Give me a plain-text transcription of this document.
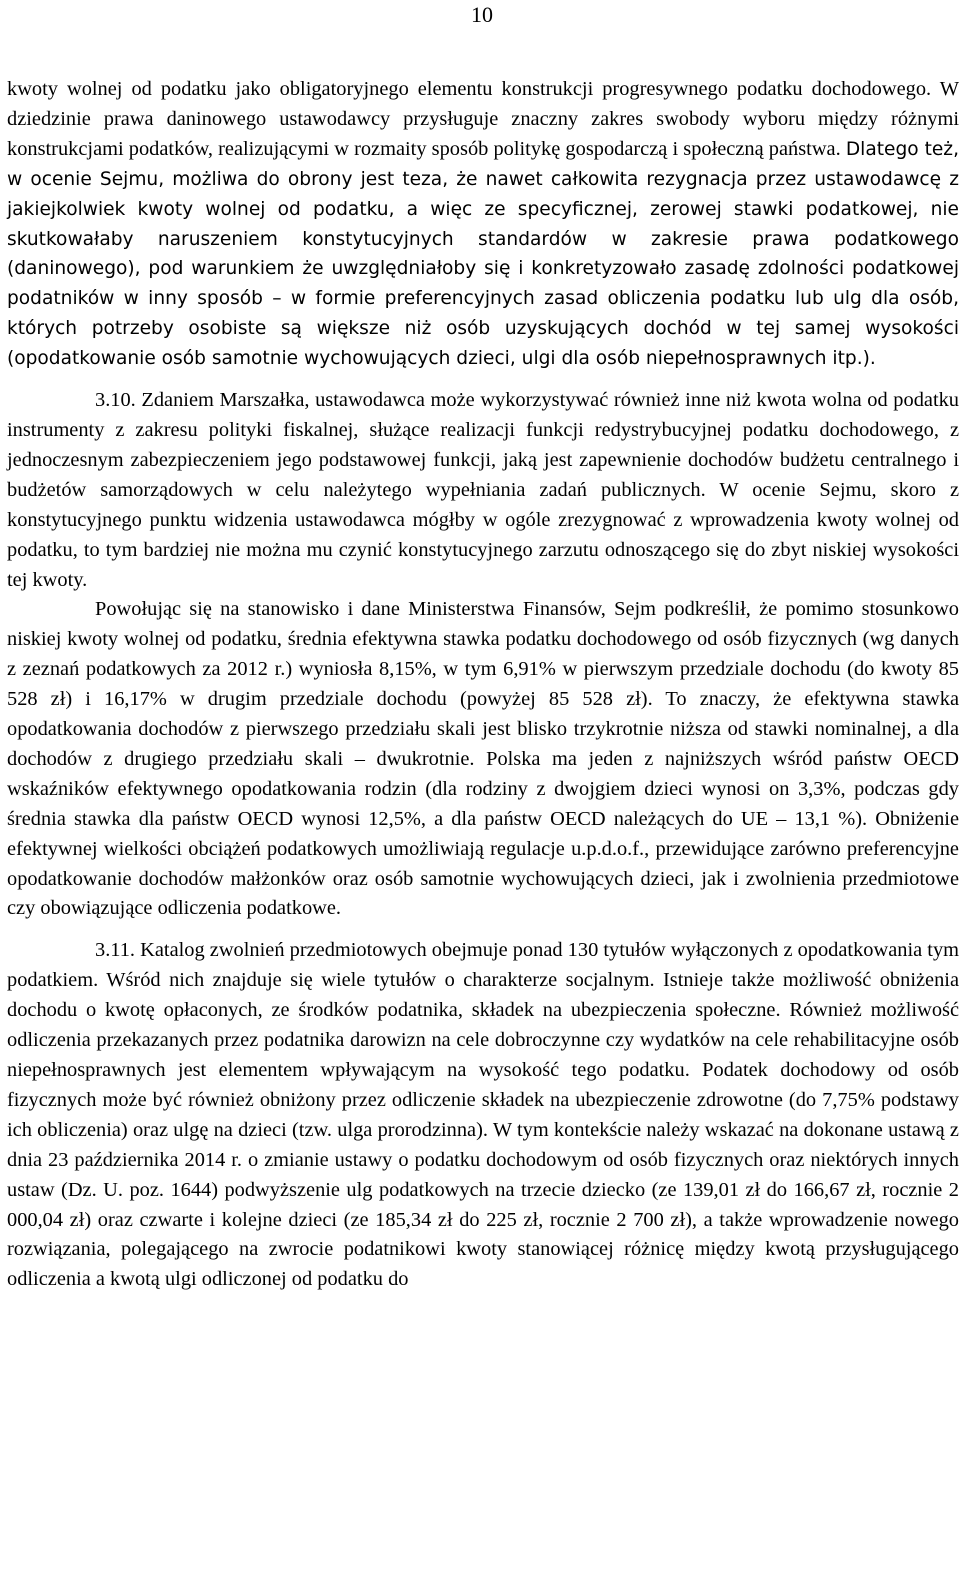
10

kwoty wolnej od podatku jako obligatoryjnego elementu konstrukcji progresywnego podatku dochodowego. W dziedzinie prawa daninowego ustawodawcy przysługuje znaczny zakres swobody wyboru między różnymi konstrukcjami podatków, realizującymi w rozmaity sposób politykę gospodarczą i społeczną państwa. Dlatego też, w ocenie Sejmu, możliwa do obrony jest teza, że nawet całkowita rezygnacja przez ustawodawcę z jakiejkolwiek kwoty wolnej od podatku, a więc ze specyficznej, zerowej stawki podatkowej, nie skutkowałaby naruszeniem konstytucyjnych standardów w zakresie prawa podatkowego (daninowego), pod warunkiem że uwzględniałoby się i konkretyzowało zasadę zdolności podatkowej podatników w inny sposób – w formie preferencyjnych zasad obliczenia podatku lub ulg dla osób, których potrzeby osobiste są większe niż osób uzyskujących dochód w tej samej wysokości (opodatkowanie osób samotnie wychowujących dzieci, ulgi dla osób niepełnosprawnych itp.).

3.10. Zdaniem Marszałka, ustawodawca może wykorzystywać również inne niż kwota wolna od podatku instrumenty z zakresu polityki fiskalnej, służące realizacji funkcji redystrybucyjnej podatku dochodowego, z jednoczesnym zabezpieczeniem jego podstawowej funkcji, jaką jest zapewnienie dochodów budżetu centralnego i budżetów samorządowych w celu należytego wypełniania zadań publicznych. W ocenie Sejmu, skoro z konstytucyjnego punktu widzenia ustawodawca mógłby w ogóle zrezygnować z wprowadzenia kwoty wolnej od podatku, to tym bardziej nie można mu czynić konstytucyjnego zarzutu odnoszącego się do zbyt niskiej wysokości tej kwoty.

Powołując się na stanowisko i dane Ministerstwa Finansów, Sejm podkreślił, że pomimo stosunkowo niskiej kwoty wolnej od podatku, średnia efektywna stawka podatku dochodowego od osób fizycznych (wg danych z zeznań podatkowych za 2012 r.) wyniosła 8,15%, w tym 6,91% w pierwszym przedziale dochodu (do kwoty 85 528 zł) i 16,17% w drugim przedziale dochodu (powyżej 85 528 zł). To znaczy, że efektywna stawka opodatkowania dochodów z pierwszego przedziału skali jest blisko trzykrotnie niższa od stawki nominalnej, a dla dochodów z drugiego przedziału skali – dwukrotnie. Polska ma jeden z najniższych wśród państw OECD wskaźników efektywnego opodatkowania rodzin (dla rodziny z dwojgiem dzieci wynosi on 3,3%, podczas gdy średnia stawka dla państw OECD wynosi 12,5%, a dla państw OECD należących do UE – 13,1 %). Obniżenie efektywnej wielkości obciążeń podatkowych umożliwiają regulacje u.p.d.o.f., przewidujące zarówno preferencyjne opodatkowanie dochodów małżonków oraz osób samotnie wychowujących dzieci, jak i zwolnienia przedmiotowe czy obowiązujące odliczenia podatkowe.

3.11. Katalog zwolnień przedmiotowych obejmuje ponad 130 tytułów wyłączonych z opodatkowania tym podatkiem. Wśród nich znajduje się wiele tytułów o charakterze socjalnym. Istnieje także możliwość obniżenia dochodu o kwotę opłaconych, ze środków podatnika, składek na ubezpieczenia społeczne. Również możliwość odliczenia przekazanych przez podatnika darowizn na cele dobroczynne czy wydatków na cele rehabilitacyjne osób niepełnosprawnych jest elementem wpływającym na wysokość tego podatku. Podatek dochodowy od osób fizycznych może być również obniżony przez odliczenie składek na ubezpieczenie zdrowotne (do 7,75% podstawy ich obliczenia) oraz ulgę na dzieci (tzw. ulga prorodzinna). W tym kontekście należy wskazać na dokonane ustawą z dnia 23 października 2014 r. o zmianie ustawy o podatku dochodowym od osób fizycznych oraz niektórych innych ustaw (Dz. U. poz. 1644) podwyższenie ulg podatkowych na trzecie dziecko (ze 139,01 zł do 166,67 zł, rocznie 2 000,04 zł) oraz czwarte i kolejne dzieci (ze 185,34 zł do 225 zł, rocznie 2 700 zł), a także wprowadzenie nowego rozwiązania, polegającego na zwrocie podatnikowi kwoty stanowiącej różnicę między kwotą przysługującego odliczenia a kwotą ulgi odliczonej od podatku do
